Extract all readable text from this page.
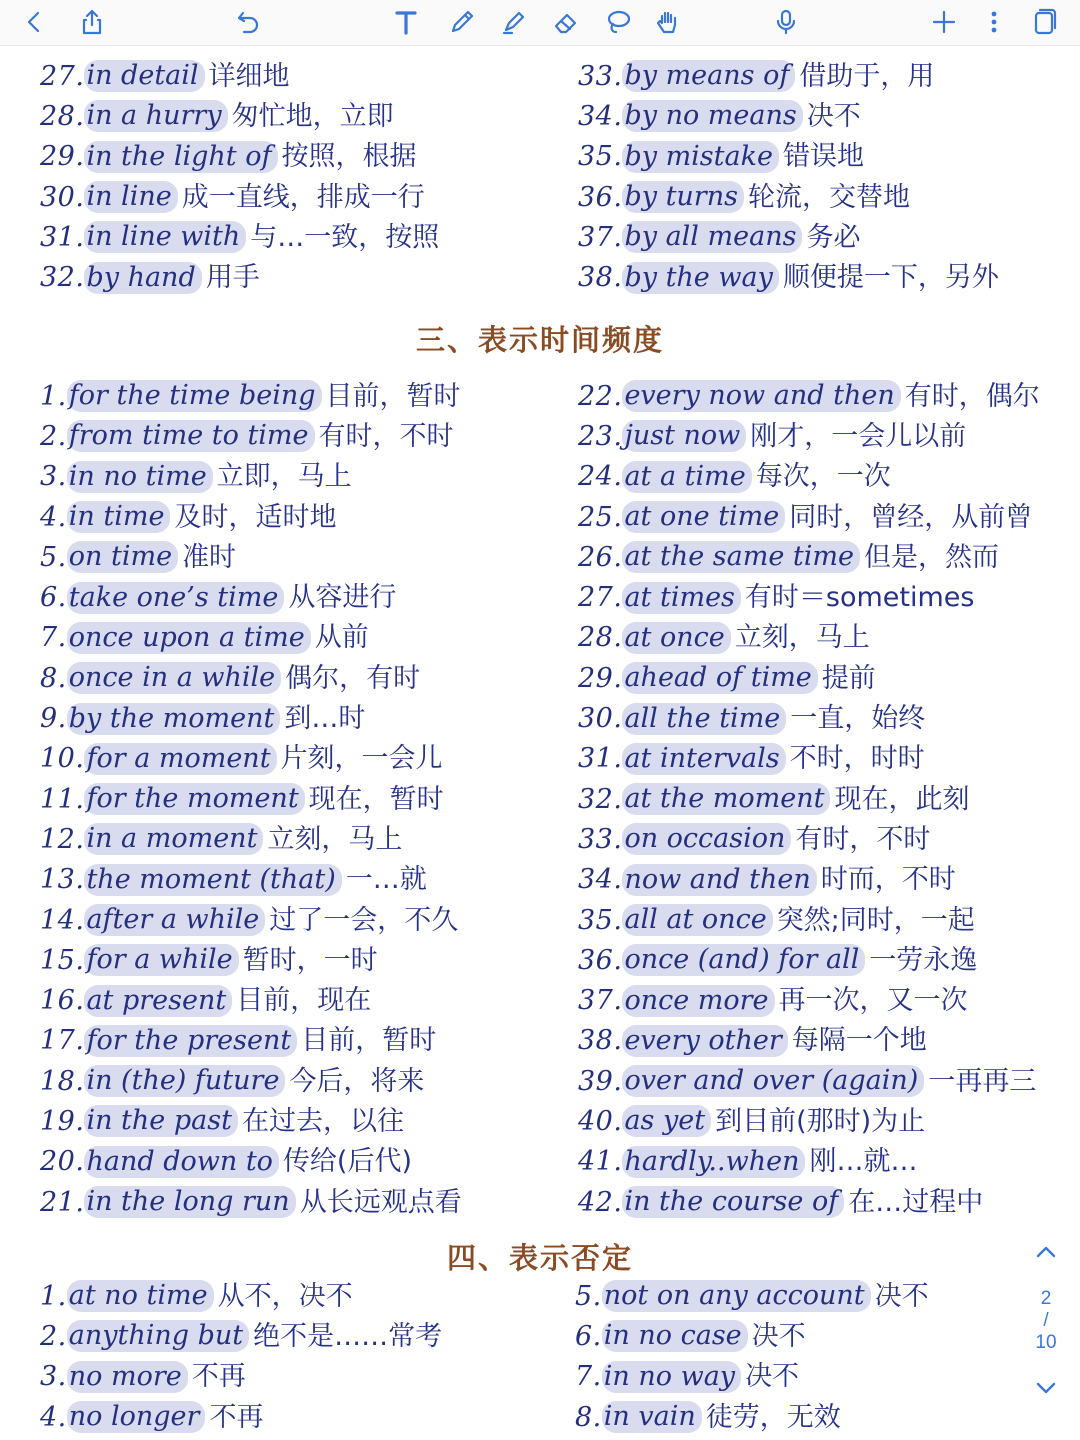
27. in detail 详细地
28. in a hurry 匆忙地，立即
29. in the light of 按照，根据
30. in line 成一直线，排成一行
31. in line with 与…一致，按照
32. by hand 用手
33. by means of 借助于，用
34. by no means 决不
35. by mistake 错误地
36. by turns 轮流，交替地
37. by all means 务必
38. by the way 顺便提一下，另外
三、表示时间频度
1. for the time being 目前，暂时
2. from time to time 有时，不时
3. in no time 立即，马上
4. in time 及时，适时地
5. on time 准时
6. take one’s time 从容进行
7. once upon a time 从前
8. once in a while 偶尔，有时
9. by the moment 到…时
10. for a moment 片刻，一会儿
11. for the moment 现在，暂时
12. in a moment 立刻，马上
13. the moment (that) 一…就
14. after a while 过了一会，不久
15. for a while 暂时，一时
16. at present 目前，现在
17. for the present 目前，暂时
18. in (the) future 今后，将来
19. in the past 在过去，以往
20. hand down to 传给(后代)
21. in the long run 从长远观点看
22. every now and then 有时，偶尔
23. just now 刚才，一会儿以前
24. at a time 每次，一次
25. at one time 同时，曾经，从前曾
26. at the same time 但是，然而
27. at times 有时＝sometimes
28. at once 立刻，马上
29. ahead of time 提前
30. all the time 一直，始终
31. at intervals 不时，时时
32. at the moment 现在，此刻
33. on occasion 有时，不时
34. now and then 时而，不时
35. all at once 突然;同时，一起
36. once (and) for all 一劳永逸
37. once more 再一次，又一次
38. every other 每隔一个地
39. over and over (again) 一再再三
40. as yet 到目前(那时)为止
41. hardly..when 刚…就…
42. in the course of 在…过程中
四、表示否定
1. at no time 从不，决不
2. anything but 绝不是……常考
3. no more 不再
4. no longer 不再
5. not on any account 决不
6. in no case 决不
7. in no way 决不
8. in vain 徒劳，无效
2
/
10
